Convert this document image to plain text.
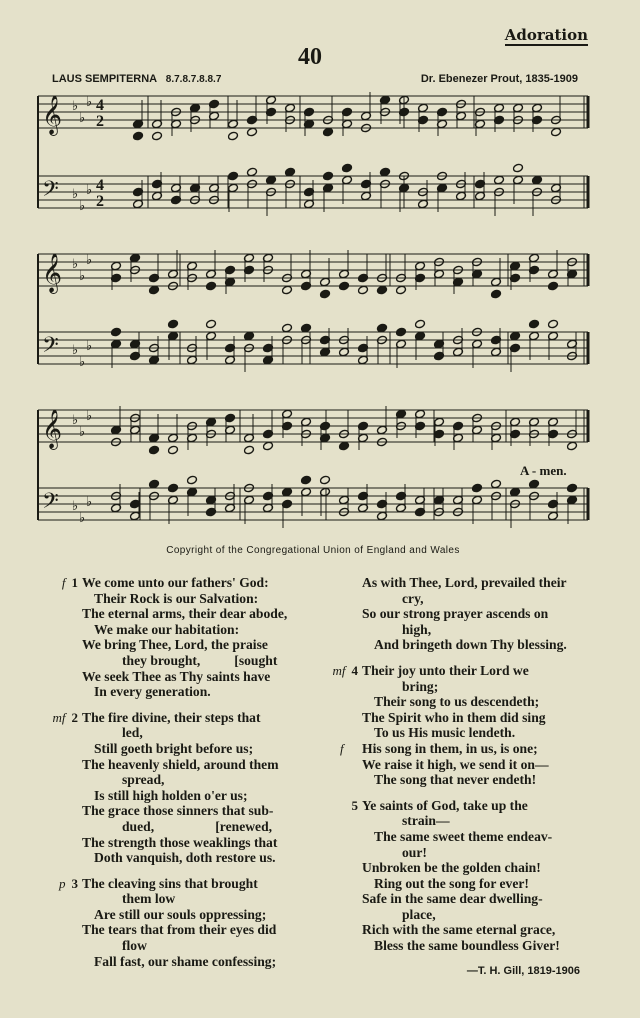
Adoration
40
LAUS SEMPITERNA 8.7.8.7.8.8.7	Dr. Ebenezer Prout, 1835-1909
𝄞 ♭
♭
♭
𝄢 ♭
♭
♭
4
4
2
2
𝄞 ♭
♭
♭
𝄢 ♭
♭
♭
𝄞 ♭
♭
♭
𝄢 ♭
♭
♭
A - men.
Copyright of the Congregational Union of England and Wales
f 1 We come unto our fathers' God:
Their Rock is our Salvation:
The eternal arms, their dear abode,
We make our habitation:
We bring Thee, Lord, the praise
they brought,          [sought
We seek Thee as Thy saints have
In every generation.
mf 2 The fire divine, their steps that
led,
Still goeth bright before us;
The heavenly shield, around them
spread,
Is still high holden o'er us;
The grace those sinners that sub-
dued,                  [renewed,
The strength those weaklings that
Doth vanquish, doth restore us.
p 3 The cleaving sins that brought
them low
Are still our souls oppressing;
The tears that from their eyes did
flow
Fall fast, our shame confessing;
As with Thee, Lord, prevailed their
cry,
So our strong prayer ascends on
high,
And bringeth down Thy blessing.
mf 4 Their joy unto their Lord we
bring;
Their song to us descendeth;
The Spirit who in them did sing
To us His music lendeth.
f His song in them, in us, is one;
We raise it high, we send it on—
The song that never endeth!
5 Ye saints of God, take up the
strain—
The same sweet theme endeav-
our!
Unbroken be the golden chain!
Ring out the song for ever!
Safe in the same dear dwelling-
place,
Rich with the same eternal grace,
Bless the same boundless Giver!
—T. H. Gill, 1819-1906
